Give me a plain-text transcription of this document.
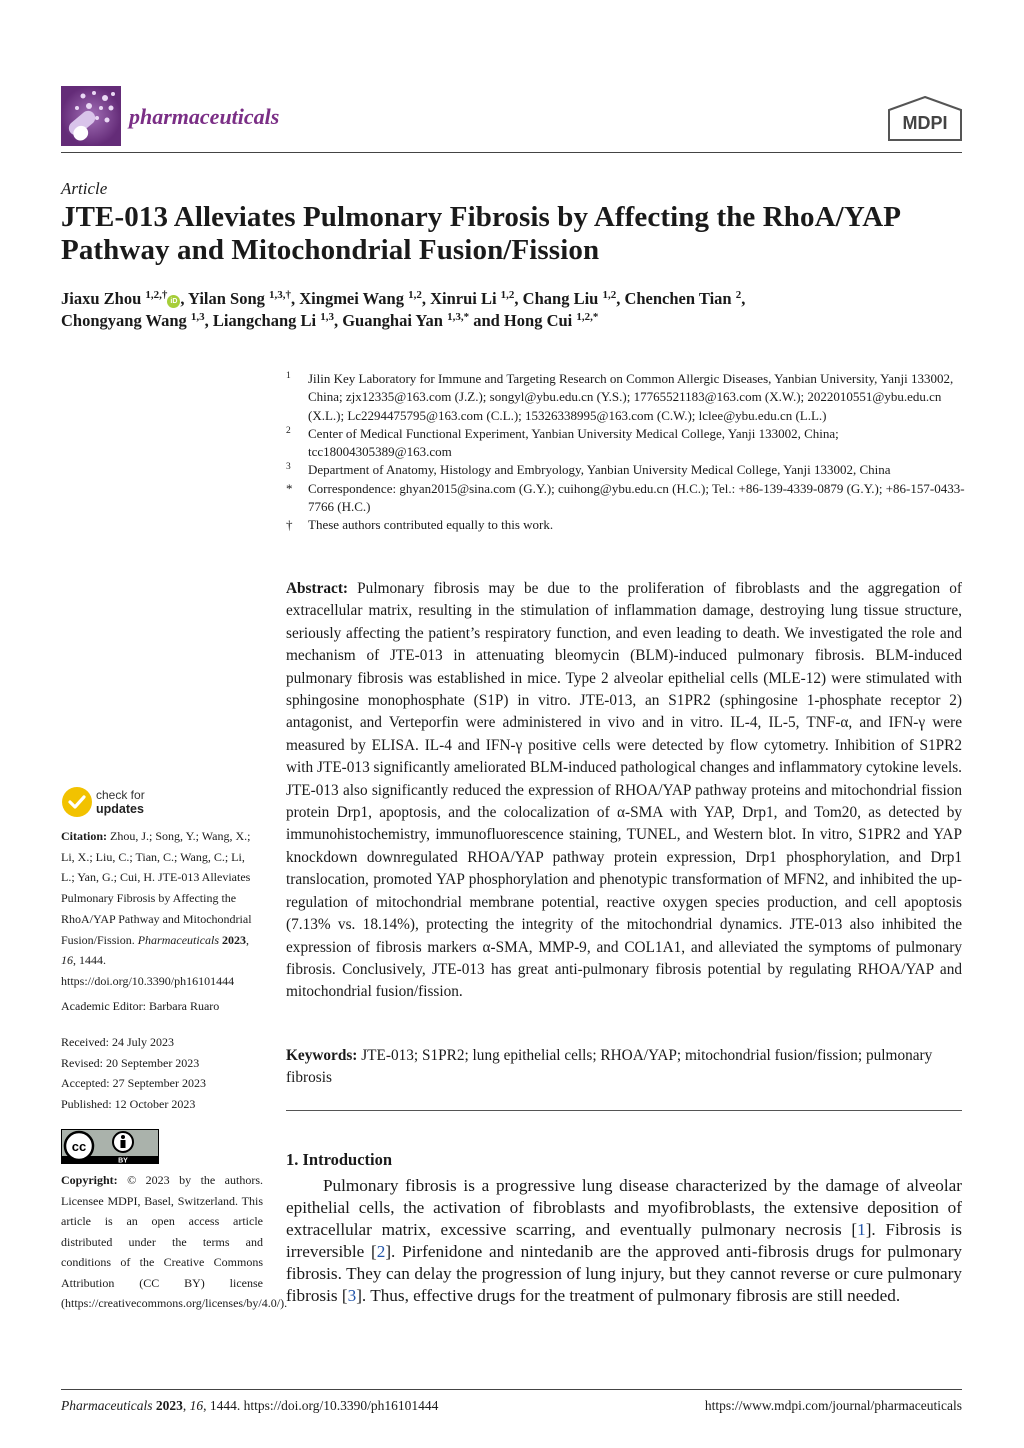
pharmaceuticals	MDPI
Article
JTE-013 Alleviates Pulmonary Fibrosis by Affecting the RhoA/YAP Pathway and Mitochondrial Fusion/Fission
Jiaxu Zhou $^{1,2,\dagger}$iD , Yilan Song $^{1,3,\dagger}$, Xingmei Wang $^{1,2}$, Xinrui Li $^{1,2}$, Chang Liu $^{1,2}$, Chenchen Tian $^2$,
Chongyang Wang $^{1,3}$, Liangchang Li $^{1,3}$, Guanghai Yan $^{1,3,*}$ and Hong Cui $^{1,2,*}$
1 Jilin Key Laboratory for Immune and Targeting Research on Common Allergic Diseases, Yanbian University, Yanji 133002, China; zjx12335@163.com (J.Z.); songyl@ybu.edu.cn (Y.S.); 17765521183@163.com (X.W.); 2022010551@ybu.edu.cn (X.L.); Lc2294475795@163.com (C.L.); 15326338995@163.com (C.W.); lclee@ybu.edu.cn (L.L.)
2 Center of Medical Functional Experiment, Yanbian University Medical College, Yanji 133002, China; tcc18004305389@163.com
3 Department of Anatomy, Histology and Embryology, Yanbian University Medical College, Yanji 133002, China
* Correspondence: ghyan2015@sina.com (G.Y.); cuihong@ybu.edu.cn (H.C.); Tel.: +86-139-4339-0879 (G.Y.); +86-157-0433-7766 (H.C.)
† These authors contributed equally to this work.
Abstract: Pulmonary fibrosis may be due to the proliferation of fibroblasts and the aggregation of extracellular matrix, resulting in the stimulation of inflammation damage, destroying lung tissue structure, seriously affecting the patient’s respiratory function, and even leading to death. We investigated the role and mechanism of JTE-013 in attenuating bleomycin (BLM)-induced pulmonary fibrosis. BLM-induced pulmonary fibrosis was established in mice. Type 2 alveolar epithelial cells (MLE-12) were stimulated with sphingosine monophosphate (S1P) in vitro. JTE-013, an S1PR2 (sphingosine 1-phosphate receptor 2) antagonist, and Verteporfin were administered in vivo and in vitro. IL-4, IL-5, TNF-α, and IFN-γ were measured by ELISA. IL-4 and IFN-γ positive cells were detected by flow cytometry. Inhibition of S1PR2 with JTE-013 significantly ameliorated BLM-induced pathological changes and inflammatory cytokine levels. JTE-013 also significantly reduced the expression of RHOA/YAP pathway proteins and mitochondrial fission protein Drp1, apoptosis, and the colocalization of α-SMA with YAP, Drp1, and Tom20, as detected by immunohistochemistry, immunofluorescence staining, TUNEL, and Western blot. In vitro, S1PR2 and YAP knockdown downregulated RHOA/YAP pathway protein expression, Drp1 phosphorylation, and Drp1 translocation, promoted YAP phosphorylation and phenotypic transformation of MFN2, and inhibited the up-regulation of mitochondrial membrane potential, reactive oxygen species production, and cell apoptosis (7.13% vs. 18.14%), protecting the integrity of the mitochondrial dynamics. JTE-013 also inhibited the expression of fibrosis markers α-SMA, MMP-9, and COL1A1, and alleviated the symptoms of pulmonary fibrosis. Conclusively, JTE-013 has great anti-pulmonary fibrosis potential by regulating RHOA/YAP and mitochondrial fusion/fission.
Keywords: JTE-013; S1PR2; lung epithelial cells; RHOA/YAP; mitochondrial fusion/fission; pulmonary fibrosis
1. Introduction
Pulmonary fibrosis is a progressive lung disease characterized by the damage of alveolar epithelial cells, the activation of fibroblasts and myofibroblasts, the extensive deposition of extracellular matrix, excessive scarring, and eventually pulmonary necrosis [1]. Fibrosis is irreversible [2]. Pirfenidone and nintedanib are the approved anti-fibrosis drugs for pulmonary fibrosis. They can delay the progression of lung injury, but they cannot reverse or cure pulmonary fibrosis [3]. Thus, effective drugs for the treatment of pulmonary fibrosis are still needed.
check for
updates
Citation: Zhou, J.; Song, Y.; Wang, X.; Li, X.; Liu, C.; Tian, C.; Wang, C.; Li, L.; Yan, G.; Cui, H. JTE-013 Alleviates Pulmonary Fibrosis by Affecting the RhoA/YAP Pathway and Mitochondrial Fusion/Fission. Pharmaceuticals 2023, 16, 1444. https://doi.org/10.3390/ph16101444
Academic Editor: Barbara Ruaro
Received: 24 July 2023
Revised: 20 September 2023
Accepted: 27 September 2023
Published: 12 October 2023
cc
BY
Copyright: © 2023 by the authors. Licensee MDPI, Basel, Switzerland. This article is an open access article distributed under the terms and conditions of the Creative Commons Attribution (CC BY) license (https://creativecommons.org/licenses/by/4.0/).
Pharmaceuticals 2023, 16, 1444. https://doi.org/10.3390/ph16101444	https://www.mdpi.com/journal/pharmaceuticals
